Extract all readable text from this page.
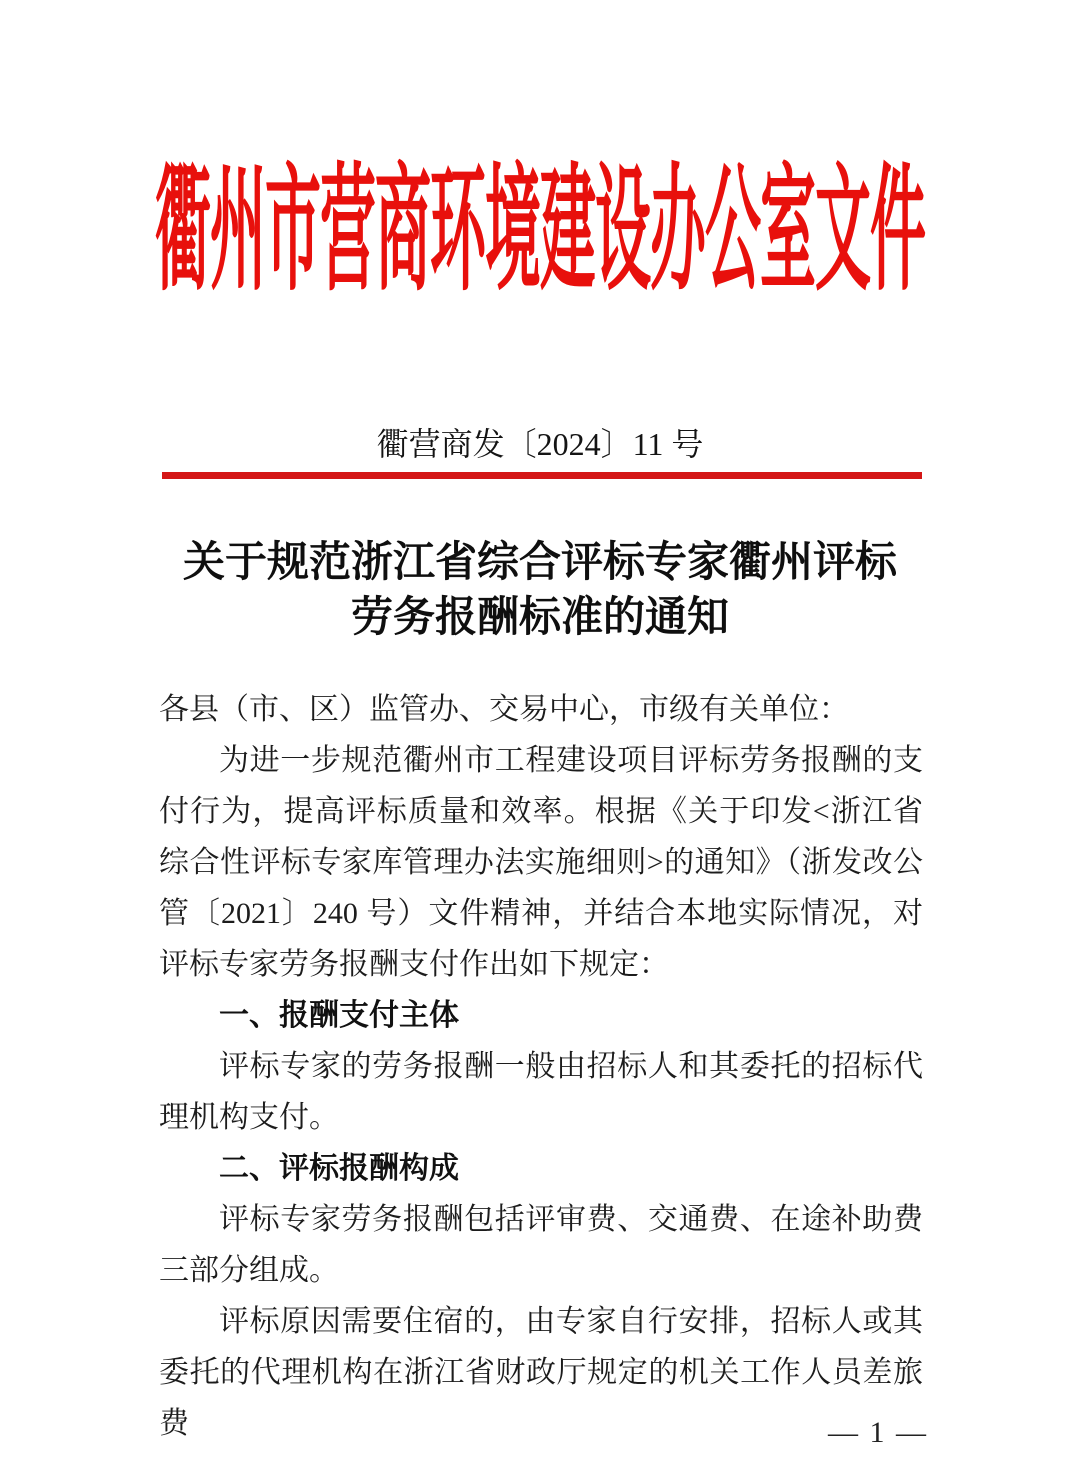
衢州市营商环境建设办公室文件
衢营商发〔2024〕11 号
关于规范浙江省综合评标专家衢州评标
劳务报酬标准的通知

各县（市、区）监管办、交易中心，市级有关单位：

为进一步规范衢州市工程建设项目评标劳务报酬的支付行为，提高评标质量和效率。根据《关于印发<浙江省综合性评标专家库管理办法实施细则>的通知》（浙发改公管〔2021〕240 号）文件精神，并结合本地实际情况，对评标专家劳务报酬支付作出如下规定：

一、报酬支付主体

评标专家的劳务报酬一般由招标人和其委托的招标代理机构支付。

二、评标报酬构成

评标专家劳务报酬包括评审费、交通费、在途补助费三部分组成。

评标原因需要住宿的，由专家自行安排，招标人或其委托的代理机构在浙江省财政厅规定的机关工作人员差旅费	— 1 —
